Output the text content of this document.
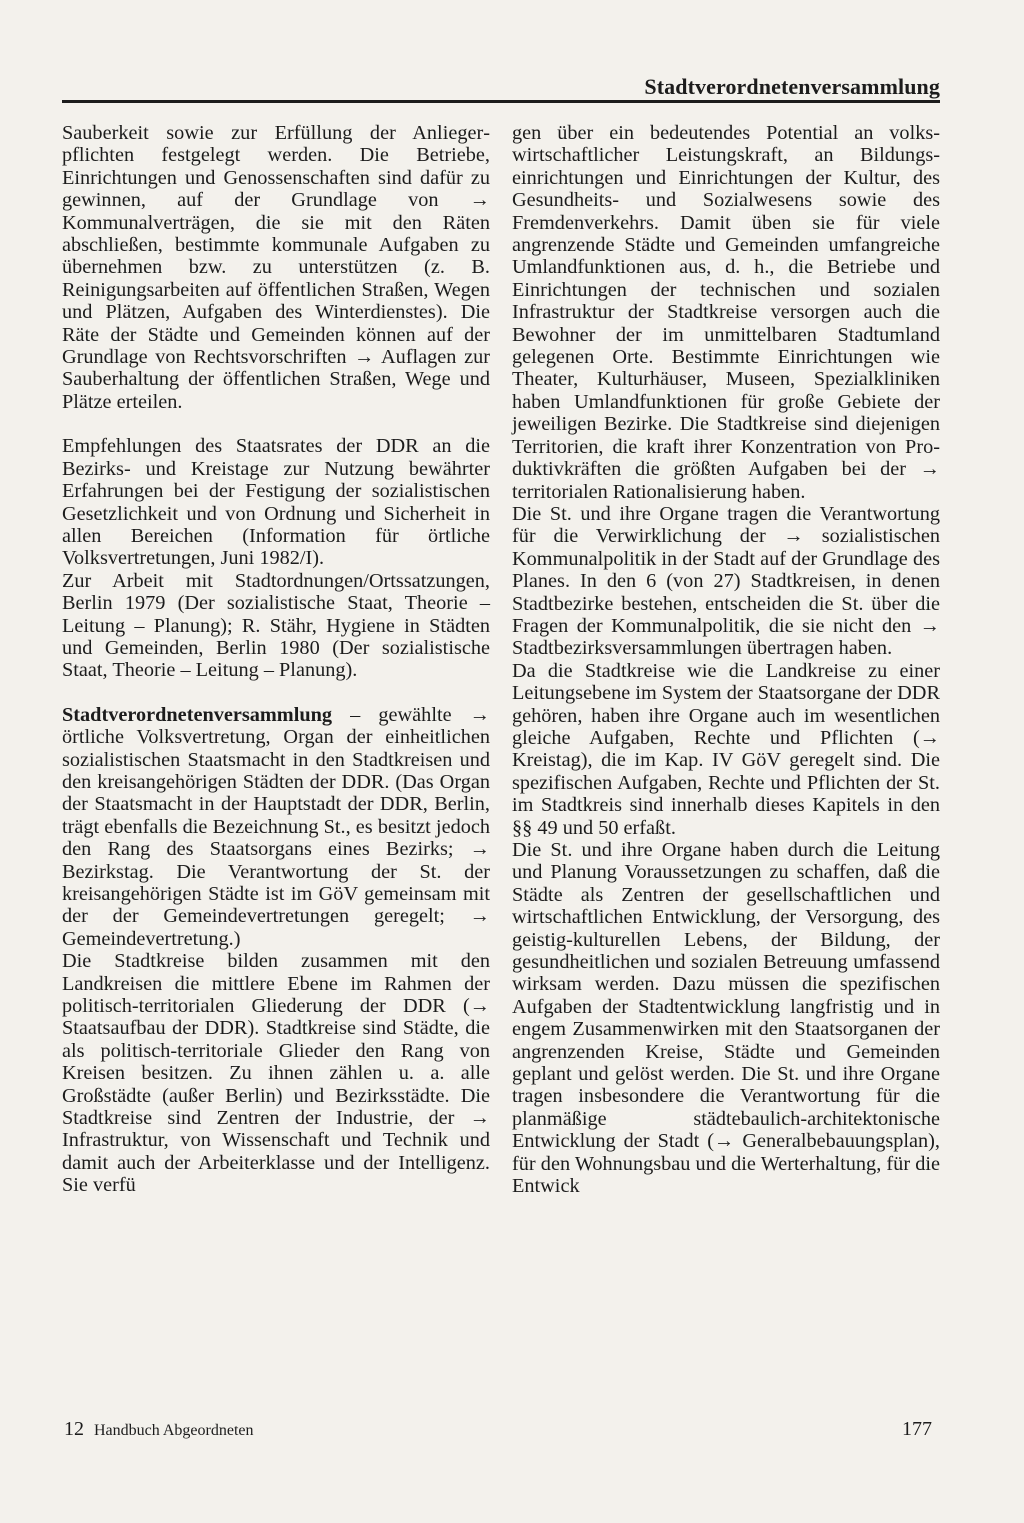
Stadtverordnetenversammlung

Sauberkeit sowie zur Erfüllung der Anliegerpflichten festgelegt werden. Die Betriebe, Einrichtungen und Genossenschaften sind dafür zu gewinnen, auf der Grundlage von → Kommunalverträgen, die sie mit den Räten abschließen, bestimmte kommunale Aufgaben zu übernehmen bzw. zu unterstützen (z. B. Reinigungsarbeiten auf öffentlichen Straßen, Wegen und Plätzen, Aufgaben des Winterdienstes). Die Räte der Städte und Gemeinden können auf der Grundlage von Rechtsvorschriften → Auflagen zur Sauberhaltung der öffentlichen Straßen, Wege und Plätze erteilen.

Empfehlungen des Staatsrates der DDR an die Bezirks- und Kreistage zur Nutzung bewährter Erfahrungen bei der Festigung der sozialistischen Gesetzlichkeit und von Ordnung und Sicherheit in allen Bereichen (Information für örtliche Volksvertretungen, Juni 1982/I).

Zur Arbeit mit Stadtordnungen/Ortssatzungen, Berlin 1979 (Der sozialistische Staat, Theorie – Leitung – Planung); R. Stähr, Hygiene in Städten und Gemeinden, Berlin 1980 (Der sozialistische Staat, Theorie – Leitung – Planung).

Stadtverordnetenversammlung – gewählte → örtliche Volksvertretung, Organ der einheitlichen sozialistischen Staatsmacht in den Stadtkreisen und den kreisangehörigen Städten der DDR. (Das Organ der Staatsmacht in der Hauptstadt der DDR, Berlin, trägt ebenfalls die Bezeichnung St., es besitzt jedoch den Rang des Staatsorgans eines Bezirks; → Bezirkstag. Die Verantwortung der St. der kreisangehörigen Städte ist im GöV gemeinsam mit der der Gemeindevertretungen geregelt; → Gemeindevertretung.)

Die Stadtkreise bilden zusammen mit den Landkreisen die mittlere Ebene im Rahmen der politisch-territorialen Gliederung der DDR (→ Staatsaufbau der DDR). Stadtkreise sind Städte, die als politisch-territoriale Glieder den Rang von Kreisen besitzen. Zu ihnen zählen u. a. alle Großstädte (außer Berlin) und Bezirksstädte. Die Stadtkreise sind Zentren der Industrie, der → Infrastruktur, von Wissenschaft und Technik und damit auch der Arbeiterklasse und der Intelligenz. Sie verfü

gen über ein bedeutendes Potential an volkswirtschaftlicher Leistungskraft, an Bildungseinrichtungen und Einrichtungen der Kultur, des Gesundheits- und Sozialwesens sowie des Fremdenverkehrs. Damit üben sie für viele angrenzende Städte und Gemeinden umfangreiche Umlandfunktionen aus, d. h., die Betriebe und Einrichtungen der technischen und sozialen Infrastruktur der Stadtkreise versorgen auch die Bewohner der im unmittelbaren Stadtumland gelegenen Orte. Bestimmte Einrichtungen wie Theater, Kulturhäuser, Museen, Spezialkliniken haben Umlandfunktionen für große Gebiete der jeweiligen Bezirke. Die Stadtkreise sind diejenigen Territorien, die kraft ihrer Konzentration von Produktivkräften die größten Aufgaben bei der → territorialen Rationalisierung haben.

Die St. und ihre Organe tragen die Verantwortung für die Verwirklichung der → sozialistischen Kommunalpolitik in der Stadt auf der Grundlage des Planes. In den 6 (von 27) Stadtkreisen, in denen Stadtbezirke bestehen, entscheiden die St. über die Fragen der Kommunalpolitik, die sie nicht den → Stadtbezirksversammlungen übertragen haben.

Da die Stadtkreise wie die Landkreise zu einer Leitungsebene im System der Staatsorgane der DDR gehören, haben ihre Organe auch im wesentlichen gleiche Aufgaben, Rechte und Pflichten (→ Kreistag), die im Kap. IV GöV geregelt sind. Die spezifischen Aufgaben, Rechte und Pflichten der St. im Stadtkreis sind innerhalb dieses Kapitels in den §§ 49 und 50 erfaßt.

Die St. und ihre Organe haben durch die Leitung und Planung Voraussetzungen zu schaffen, daß die Städte als Zentren der gesellschaftlichen und wirtschaftlichen Entwicklung, der Versorgung, des geistig-kulturellen Lebens, der Bildung, der gesundheitlichen und sozialen Betreuung umfassend wirksam werden. Dazu müssen die spezifischen Aufgaben der Stadtentwicklung langfristig und in engem Zusammenwirken mit den Staatsorganen der angrenzenden Kreise, Städte und Gemeinden geplant und gelöst werden. Die St. und ihre Organe tragen insbesondere die Verantwortung für die planmäßige städtebaulich-architektonische Entwicklung der Stadt (→ Generalbebauungsplan), für den Wohnungsbau und die Werterhaltung, für die Entwick

12 Handbuch Abgeordneten	177
